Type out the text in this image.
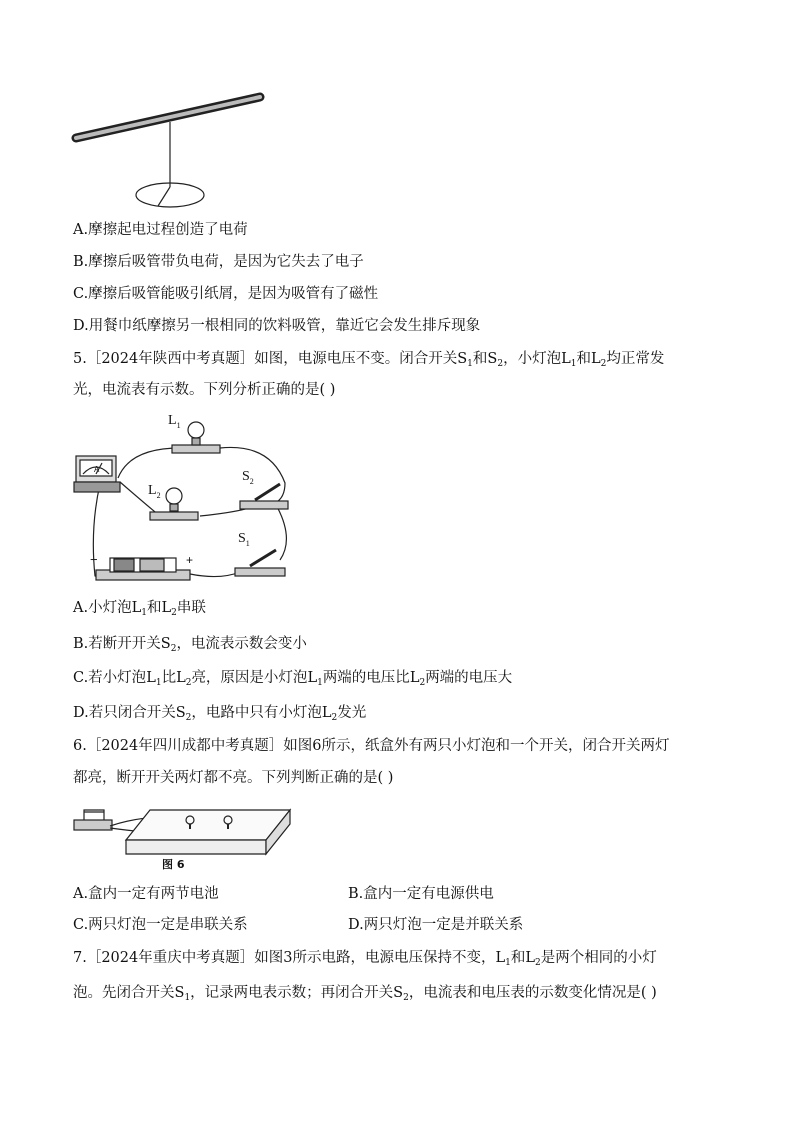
A.摩擦起电过程创造了电荷
B.摩擦后吸管带负电荷，是因为它失去了电子
C.摩擦后吸管能吸引纸屑，是因为吸管有了磁性
D.用餐巾纸摩擦另一根相同的饮料吸管，靠近它会发生排斥现象
5.［2024年陕西中考真题］如图，电源电压不变。闭合开关$S_1$和$S_2$，小灯泡$L_1$和$L_2$均正常发
光，电流表有示数。下列分析正确的是( )
$L_1$
$L_2$
$S_2$
$S_1$
A
−	+
A.小灯泡$L_1$和$L_2$串联
B.若断开开关$S_2$，电流表示数会变小
C.若小灯泡$L_1$比$L_2$亮，原因是小灯泡$L_1$两端的电压比$L_2$两端的电压大
D.若只闭合开关$S_2$，电路中只有小灯泡$L_2$发光
6.［2024年四川成都中考真题］如图6所示，纸盒外有两只小灯泡和一个开关，闭合开关两灯
都亮，断开开关两灯都不亮。下列判断正确的是( )
图 6
A.盒内一定有两节电池	B.盒内一定有电源供电
C.两只灯泡一定是串联关系	D.两只灯泡一定是并联关系
7.［2024年重庆中考真题］如图3所示电路，电源电压保持不变，$L_1$和$L_2$是两个相同的小灯
泡。先闭合开关$S_1$，记录两电表示数；再闭合开关$S_2$，电流表和电压表的示数变化情况是( )
